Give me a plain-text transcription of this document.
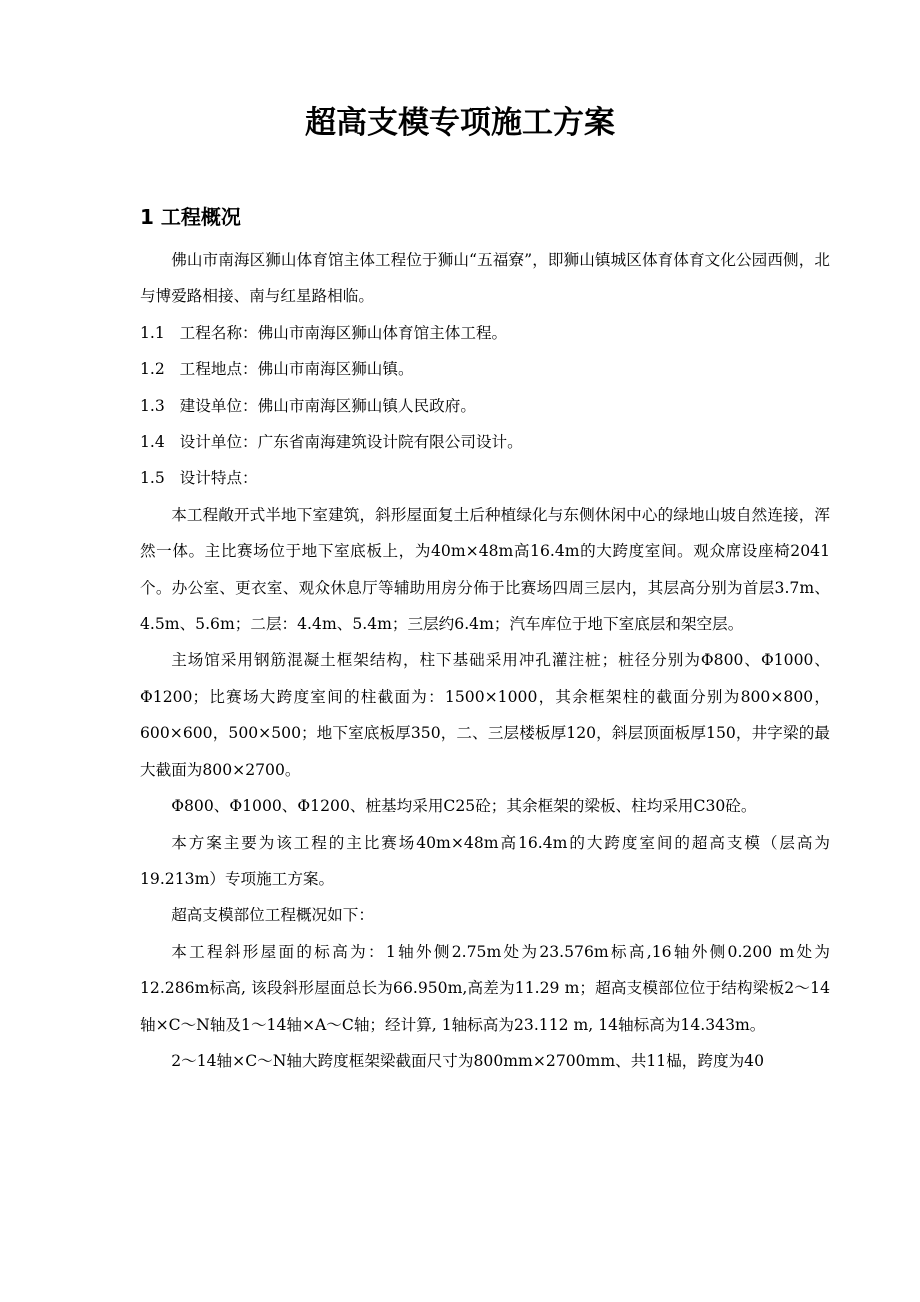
超高支模专项施工方案
1 工程概况

佛山市南海区狮山体育馆主体工程位于狮山“五福寮”，即狮山镇城区体育体育文化公园西侧，北与博爱路相接、南与红星路相临。

1.1   工程名称：佛山市南海区狮山体育馆主体工程。

1.2   工程地点：佛山市南海区狮山镇。

1.3   建设单位：佛山市南海区狮山镇人民政府。

1.4   设计单位：广东省南海建筑设计院有限公司设计。

1.5   设计特点：

本工程敞开式半地下室建筑，斜形屋面复土后种植绿化与东侧休闲中心的绿地山坡自然连接，浑然一体。主比赛场位于地下室底板上，为40m×48m高16.4m的大跨度室间。观众席设座椅2041个。办公室、更衣室、观众休息厅等辅助用房分佈于比赛场四周三层内，其层高分别为首层3.7m、4.5m、5.6m；二层：4.4m、5.4m；三层约6.4m；汽车库位于地下室底层和架空层。

主场馆采用钢筋混凝土框架结构，柱下基础采用冲孔灌注桩；桩径分别为Φ800、Φ1000、Φ1200；比赛场大跨度室间的柱截面为：1500×1000，其余框架柱的截面分别为800×800，600×600，500×500；地下室底板厚350，二、三层楼板厚120，斜层顶面板厚150，井字梁的最大截面为800×2700。

Φ800、Φ1000、Φ1200、桩基均采用C25砼；其余框架的梁板、柱均采用C30砼。

本方案主要为该工程的主比赛场40m×48m高16.4m的大跨度室间的超高支模（层高为19.213m）专项施工方案。

超高支模部位工程概况如下：

本工程斜形屋面的标高为：1轴外侧2.75m处为23.576m标高,16轴外侧0.200 m处为12.286m标高, 该段斜形屋面总长为66.950m,高差为11.29 m；超高支模部位位于结构梁板2～14轴×C～N轴及1～14轴×A～C轴；经计算, 1轴标高为23.112 m, 14轴标高为14.343m。

2～14轴×C～N轴大跨度框架梁截面尺寸为800mm×2700mm、共11榀，跨度为40
